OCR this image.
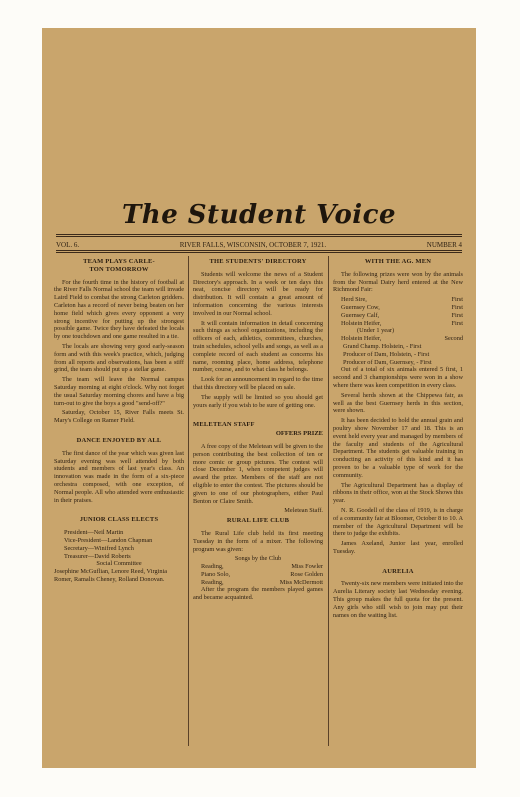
The Student Voice
VOL. 6.	RIVER FALLS, WISCONSIN, OCTOBER 7, 1921.	NUMBER 4
TEAM PLAYS CARLE-
TON TOMORROW

For the fourth time in the history of football at the River Falls Normal school the team will invade Laird Field to combat the strong Carleton gridders. Carleton has a record of never being beaten on her home field which gives every opponent a very strong incentive for putting up the strongest possible game. Twice they have defeated the locals by one touchdown and one game resulted in a tie.

The locals are showing very good early-season form and with this week's practice, which, judging from all reports and observations, has been a stiff grind, the team should put up a stellar game.

The team will leave the Normal campus Saturday morning at eight o'clock. Why not forget the usual Saturday morning chores and have a big turn-out to give the boys a good "send-off?"

Saturday, October 15, River Falls meets St. Mary's College on Ramer Field.

DANCE ENJOYED BY ALL

The first dance of the year which was given last Saturday evening was well attended by both students and members of last year's class. An innovation was made in the form of a six-piece orchestra composed, with one exception, of Normal people. All who attended were enthusiastic in their praises.

JUNIOR CLASS ELECTS

President—Neil Martin

Vice-President—Landon Chapman

Secretary—Winifred Lynch

Treasurer—David Roberts

Social Committee

Josephine McGuflian, Lenore Reed, Virginia Romer, Ramalis Cheney, Rolland Donovan.

THE STUDENTS' DIRECTORY

Students will welcome the news of a Student Directory's approach. In a week or ten days this neat, concise directory will be ready for distribution. It will contain a great amount of information concerning the various interests involved in our Normal school.

It will contain information in detail concerning such things as school organizations, including the officers of each, athletics, committees, churches, train schedules, school yells and songs, as well as a complete record of each student as concerns his name, rooming place, home address, telephone number, course, and to what class he belongs.

Look for an announcement in regard to the time that this directory will be placed on sale.

The supply will be limited so you should get yours early if you wish to be sure of getting one.

MELETEAN STAFF
OFFERS PRIZE

A free copy of the Meletean will be given to the person contributing the best collection of ten or more comic or group pictures. The contest will close December 1, when competent judges will award the prize. Members of the staff are not eligible to enter the contest. The pictures should be given to one of our photographers, either Paul Benton or Claire Smith.

Meletean Staff.

RURAL LIFE CLUB

The Rural Life club held its first meeting Tuesday in the form of a mixer. The following program was given:

Songs by the Club

Reading,	Miss Fowler
Piano Solo,	Rose Golden
Reading,	Miss McDermott

After the program the members played games and became acquainted.

WITH THE AG. MEN

The following prizes were won by the animals from the Normal Dairy herd entered at the New Richmond Fair:

Herd Sire,	First
Guernsey Cow,	First
Guernsey Calf,	First
Holstein Heifer,	First

(Under 1 year)

Holstein Heifer,	Second

Grand Champ. Holstein, - First

Producer of Dam, Holstein, - First

Producer of Dam, Guernsey, - First

Out of a total of six animals entered 5 first, 1 second and 3 championships were won in a show where there was keen competition in every class.

Several herds shown at the Chippewa fair, as well as the best Guernsey herds in this section, were shown.

It has been decided to hold the annual grain and poultry show November 17 and 18. This is an event held every year and managed by members of the faculty and students of the Agricultural Department. The students get valuable training in conducting an activity of this kind and it has proven to be a valuable type of work for the community.

The Agricultural Department has a display of ribbons in their office, won at the Stock Shows this year.

N. R. Goodell of the class of 1919, is in charge of a community fair at Bloomer, October 8 to 10. A member of the Agricultural Department will be there to judge the exhibits.

James Axeland, Junior last year, enrolled Tuesday.

AURELIA

Twenty-six new members were initiated into the Aurelia Literary society last Wednesday evening. This group makes the full quota for the present. Any girls who still wish to join may put their names on the waiting list.
